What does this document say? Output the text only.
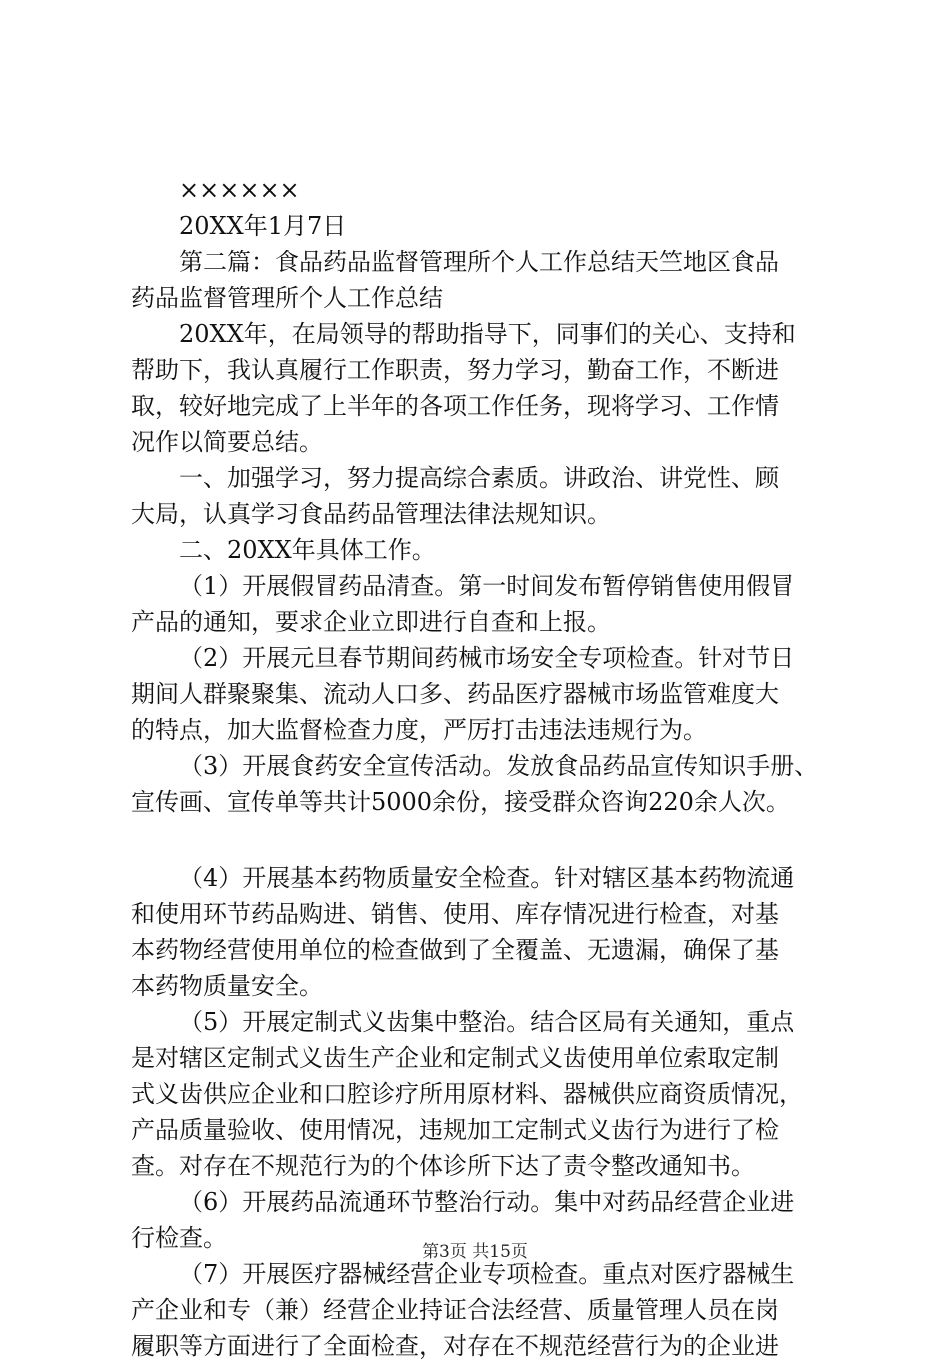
××××××

20XX年1月7日

第二篇：食品药品监督管理所个人工作总结天竺地区食品

药品监督管理所个人工作总结

20XX年，在局领导的帮助指导下，同事们的关心、支持和

帮助下，我认真履行工作职责，努力学习，勤奋工作，不断进

取，较好地完成了上半年的各项工作任务，现将学习、工作情

况作以简要总结。

一、加强学习，努力提高综合素质。讲政治、讲党性、顾

大局，认真学习食品药品管理法律法规知识。

二、20XX年具体工作。

（1）开展假冒药品清查。第一时间发布暂停销售使用假冒

产品的通知，要求企业立即进行自查和上报。

（2）开展元旦春节期间药械市场安全专项检查。针对节日

期间人群聚聚集、流动人口多、药品医疗器械市场监管难度大

的特点，加大监督检查力度，严厉打击违法违规行为。

（3）开展食药安全宣传活动。发放食品药品宣传知识手册、

宣传画、宣传单等共计5000余份，接受群众咨询220余人次。

（4）开展基本药物质量安全检查。针对辖区基本药物流通

和使用环节药品购进、销售、使用、库存情况进行检查，对基

本药物经营使用单位的检查做到了全覆盖、无遗漏，确保了基

本药物质量安全。

（5）开展定制式义齿集中整治。结合区局有关通知，重点

是对辖区定制式义齿生产企业和定制式义齿使用单位索取定制

式义齿供应企业和口腔诊疗所用原材料、器械供应商资质情况，

产品质量验收、使用情况，违规加工定制式义齿行为进行了检

查。对存在不规范行为的个体诊所下达了责令整改通知书。

（6）开展药品流通环节整治行动。集中对药品经营企业进

行检查。

（7）开展医疗器械经营企业专项检查。重点对医疗器械生

产企业和专（兼）经营企业持证合法经营、质量管理人员在岗

履职等方面进行了全面检查，对存在不规范经营行为的企业进

第3页 共15页
